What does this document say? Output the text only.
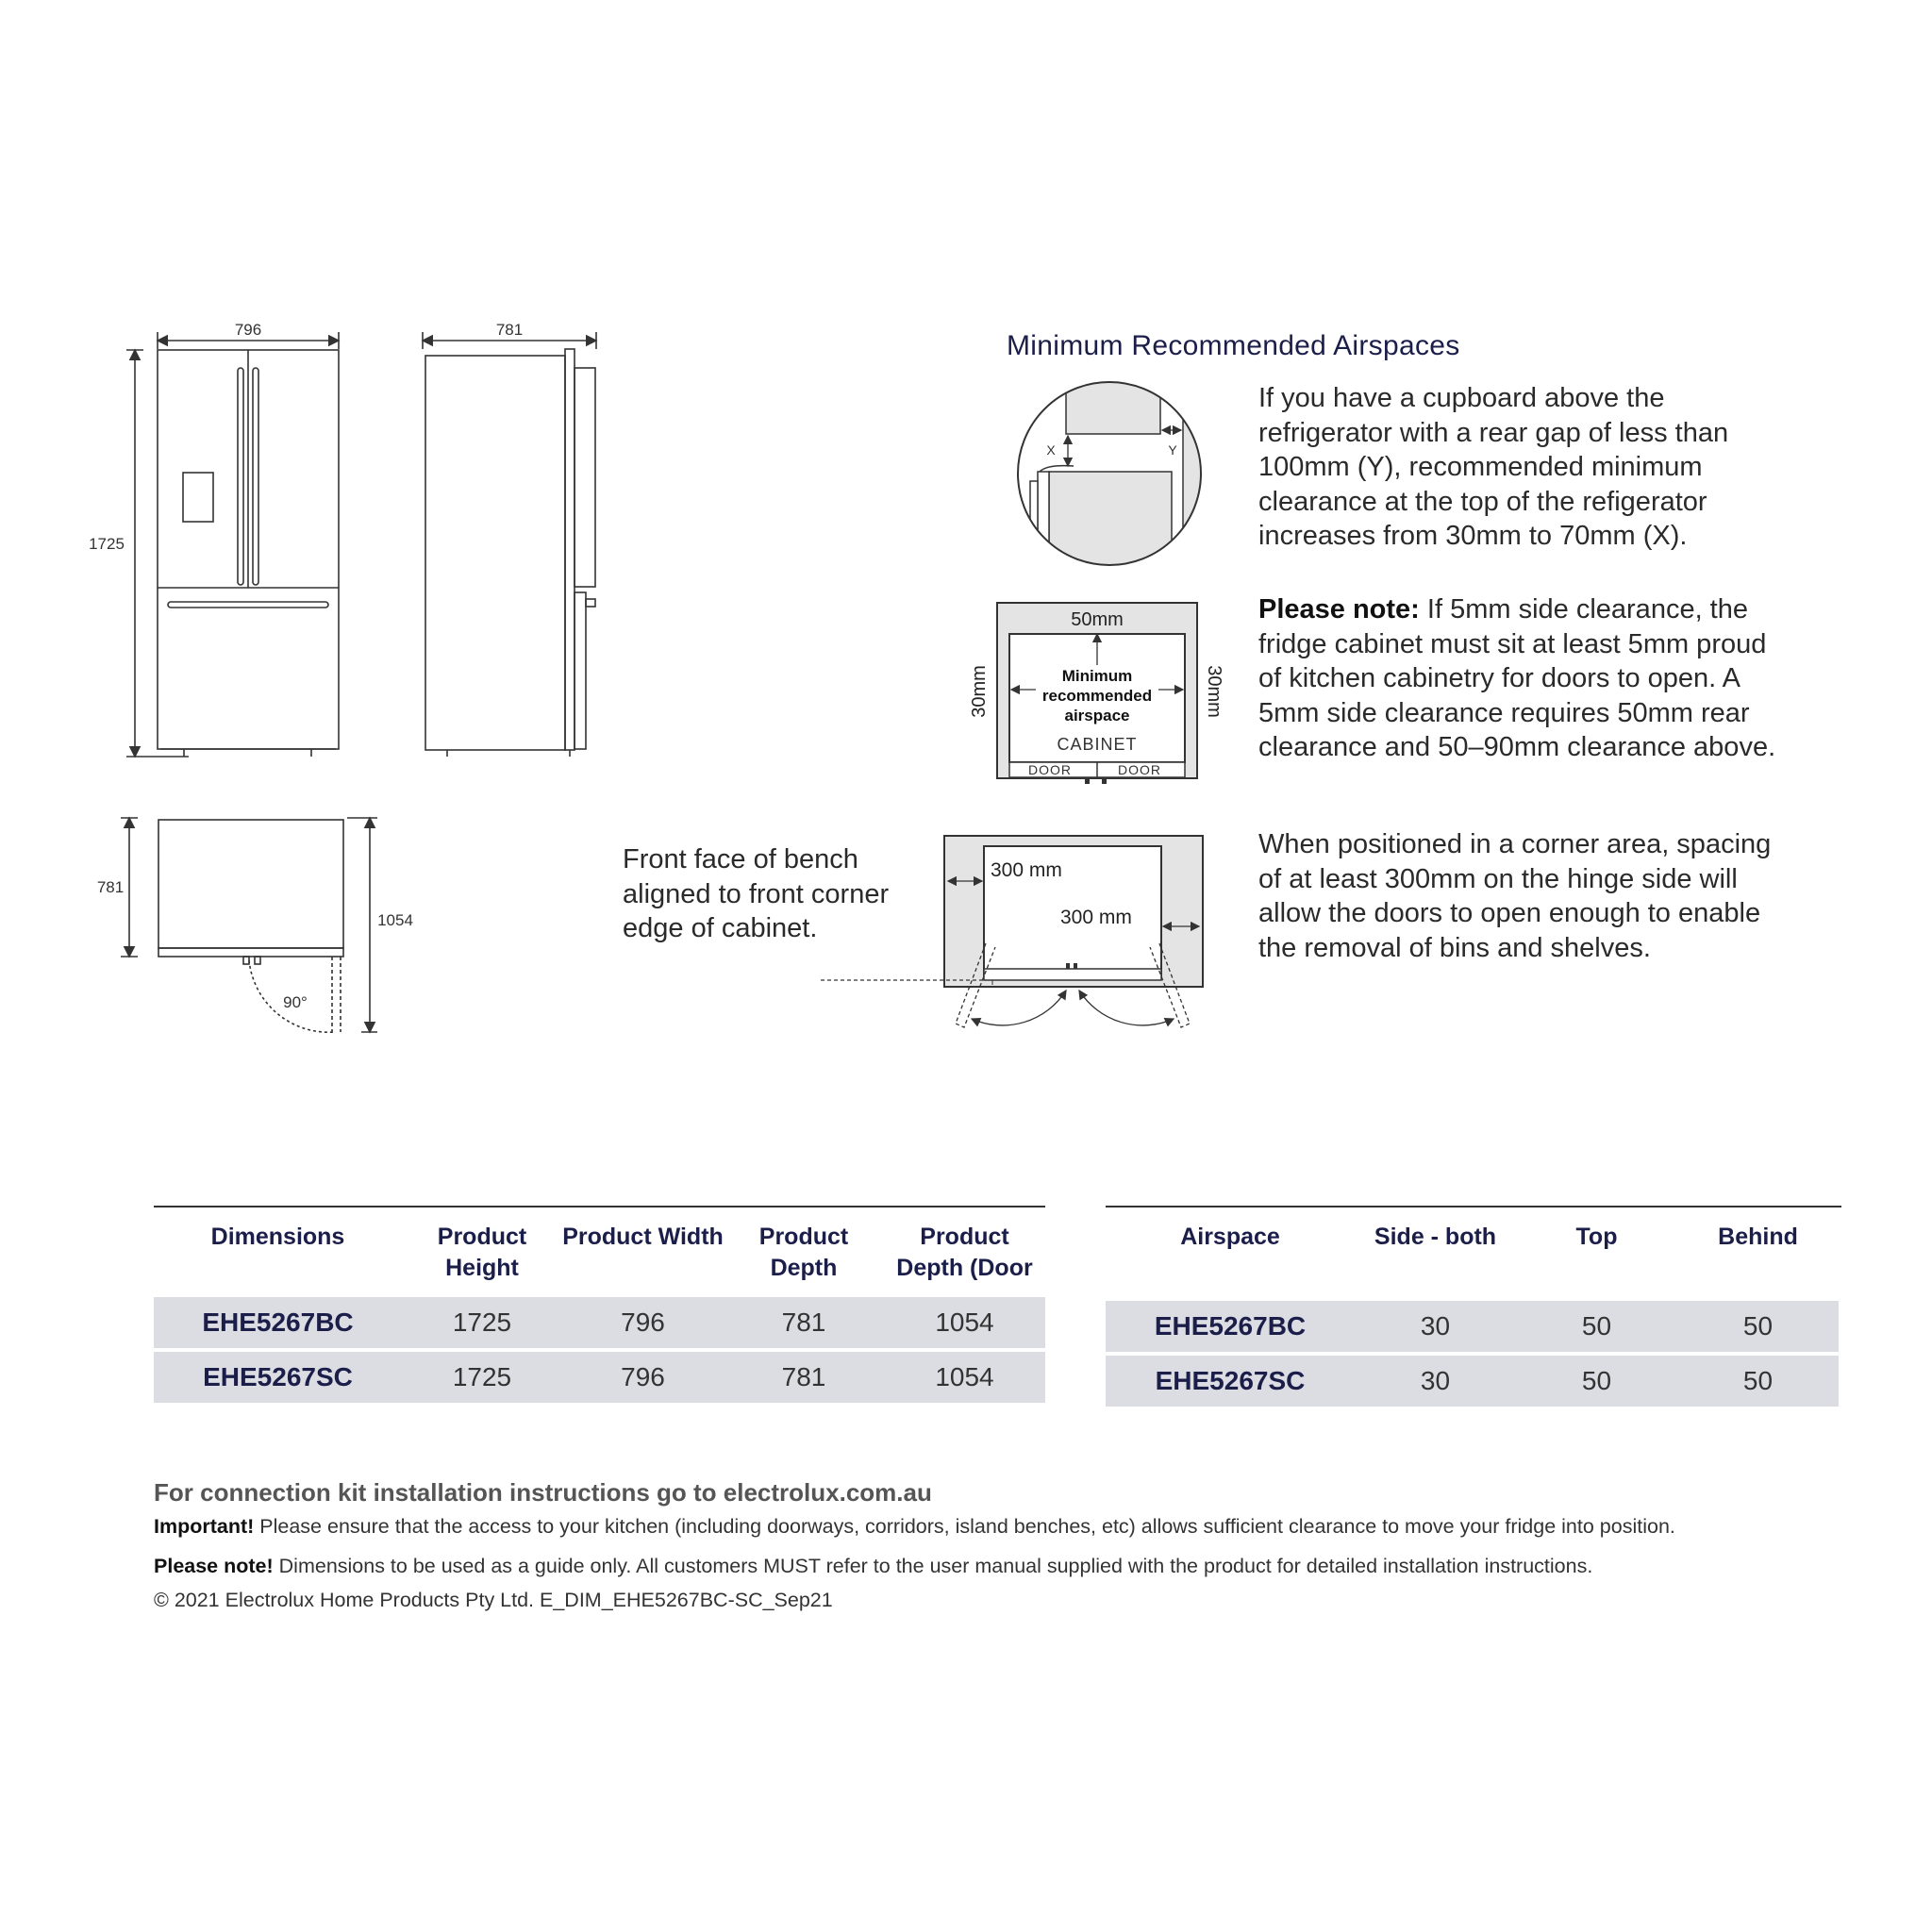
796
1725
781
781
1054
90°
X	Y
50mm
30mm	30mm
Minimum
recommended
airspace
CABINET
DOOR	DOOR
300 mm
300 mm
Minimum Recommended Airspaces
If you have a cupboard above the refrigerator with a rear gap of less than 100mm (Y), recommended minimum clearance at the top of the refigerator increases from 30mm to 70mm (X).
Please note: If 5mm side clearance, the fridge cabinet must sit at least 5mm proud of kitchen cabinetry for doors to open. A 5mm side clearance requires 50mm rear clearance and 50–90mm clearance above.
Front face of bench aligned to front corner edge of cabinet.
When positioned in a corner area, spacing of at least 300mm on the hinge side will allow the doors to open enough to enable the removal of bins and shelves.
Dimensions	Product Height	Product Width	Product Depth	Product Depth (Door
EHE5267BC	1725	796	781	1054
EHE5267SC	1725	796	781	1054
Airspace	Side - both	Top	Behind

EHE5267BC	30	50	50
EHE5267SC	30	50	50
For connection kit installation instructions go to electrolux.com.au
Important! Please ensure that the access to your kitchen (including doorways, corridors, island benches, etc) allows sufficient clearance to move your fridge into position.
Please note! Dimensions to be used as a guide only. All customers MUST refer to the user manual supplied with the product for detailed installation instructions.
© 2021 Electrolux Home Products Pty Ltd. E_DIM_EHE5267BC-SC_Sep21
